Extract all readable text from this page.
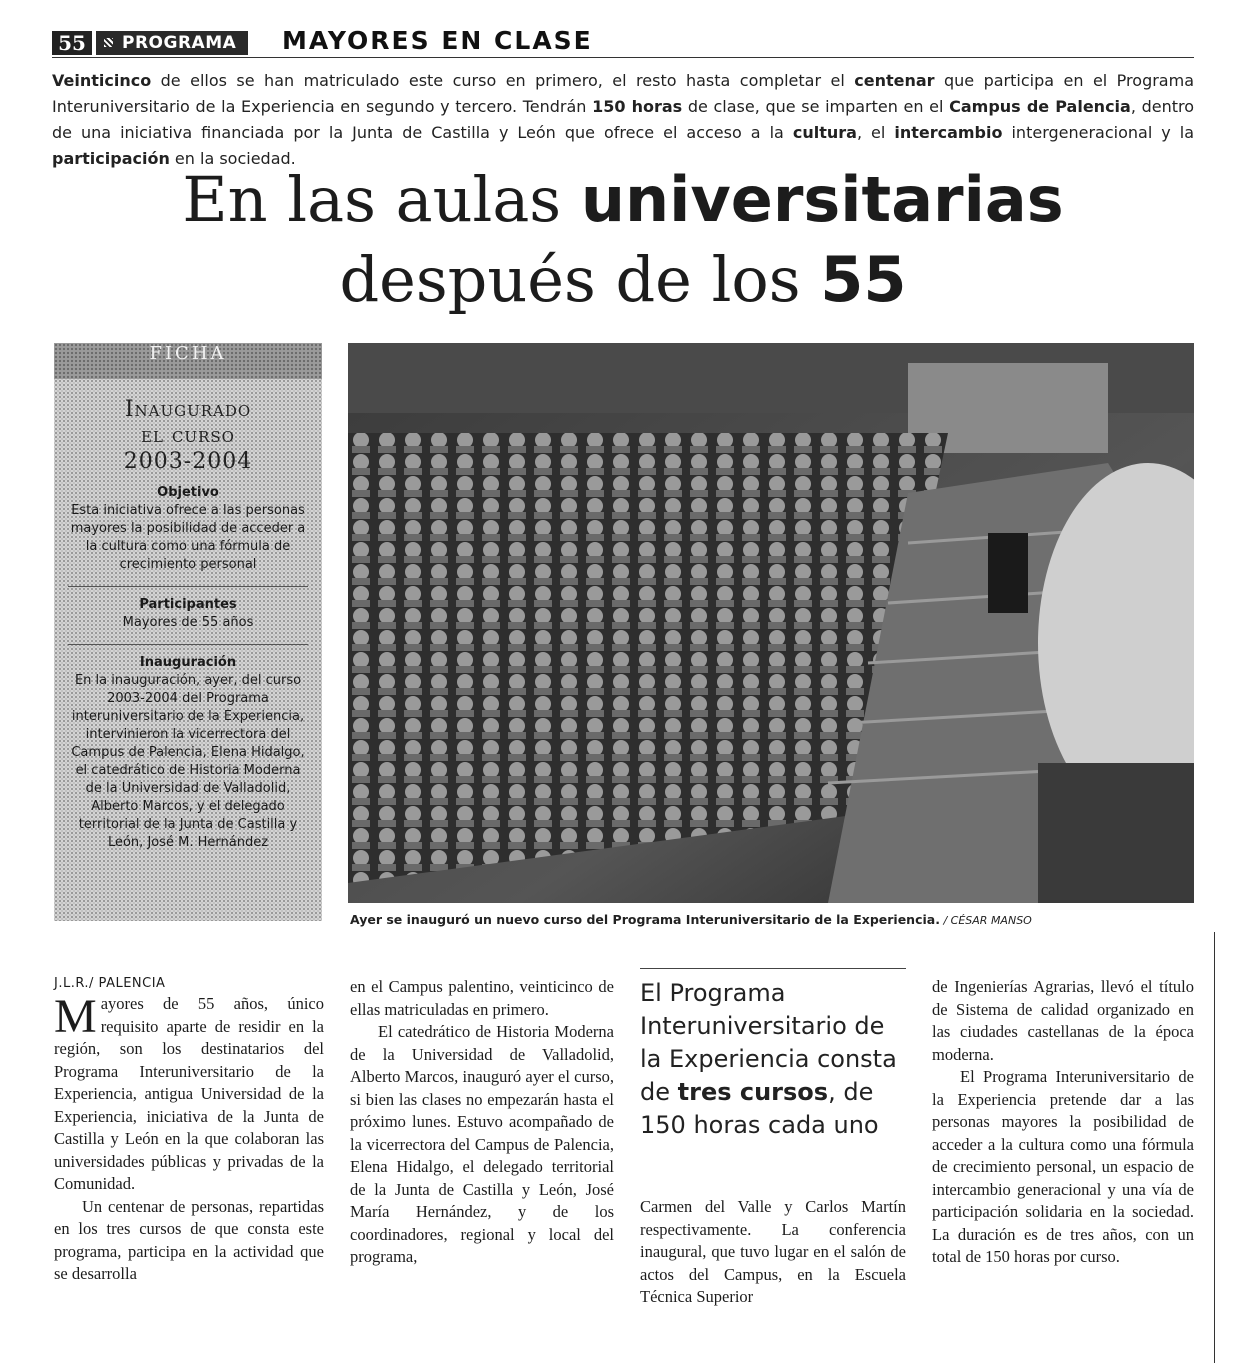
55	PROGRAMA	MAYORES EN CLASE
Veinticinco de ellos se han matriculado este curso en primero, el resto hasta completar el centenar que participa en el Programa Interuniversitario de la Experiencia en segundo y tercero. Tendrán 150 horas de clase, que se imparten en el Campus de Palencia, dentro de una iniciativa financiada por la Junta de Castilla y León que ofrece el acceso a la cultura, el intercambio intergeneracional y la participación en la sociedad.
En las aulas universitarias
después de los 55
FICHA
Inaugurado
el curso
2003-2004
Objetivo
Esta iniciativa ofrece a las personas mayores la posibilidad de acceder a la cultura como una fórmula de crecimiento personal
Participantes
Mayores de 55 años
Inauguración
En la inauguración, ayer, del curso 2003-2004 del Programa interuniversitario de la Experiencia, intervinieron la vicerrectora del Campus de Palencia, Elena Hidalgo, el catedrático de Historia Moderna de la Universidad de Valladolid, Alberto Marcos, y el delegado territorial de la Junta de Castilla y León, José M. Hernández
Ayer se inauguró un nuevo curso del Programa Interuniversitario de la Experiencia. / CÉSAR MANSO
J.L.R./ PALENCIA

Mayores de 55 años, único requisito aparte de residir en la región, son los destinatarios del Programa Interuniversitario de la Experiencia, antigua Universidad de la Experiencia, iniciativa de la Junta de Castilla y León en la que colaboran las universidades públicas y privadas de la Comunidad.

Un centenar de personas, repartidas en los tres cursos de que consta este programa, participa en la actividad que se desarrolla

en el Campus palentino, veinticinco de ellas matriculadas en primero.

El catedrático de Historia Moderna de la Universidad de Valladolid, Alberto Marcos, inauguró ayer el curso, si bien las clases no empezarán hasta el próximo lunes. Estuvo acompañado de la vicerrectora del Campus de Palencia, Elena Hidalgo, el delegado territorial de la Junta de Castilla y León, José María Hernández, y de los coordinadores, regional y local del programa,

El Programa Interuniversitario de la Experiencia consta de tres cursos, de 150 horas cada uno

Carmen del Valle y Carlos Martín respectivamente. La conferencia inaugural, que tuvo lugar en el salón de actos del Campus, en la Escuela Técnica Superior

de Ingenierías Agrarias, llevó el título de Sistema de calidad organizado en las ciudades castellanas de la época moderna.

El Programa Interuniversitario de la Experiencia pretende dar a las personas mayores la posibilidad de acceder a la cultura como una fórmula de crecimiento personal, un espacio de intercambio generacional y una vía de participación solidaria en la sociedad. La duración es de tres años, con un total de 150 horas por curso.
